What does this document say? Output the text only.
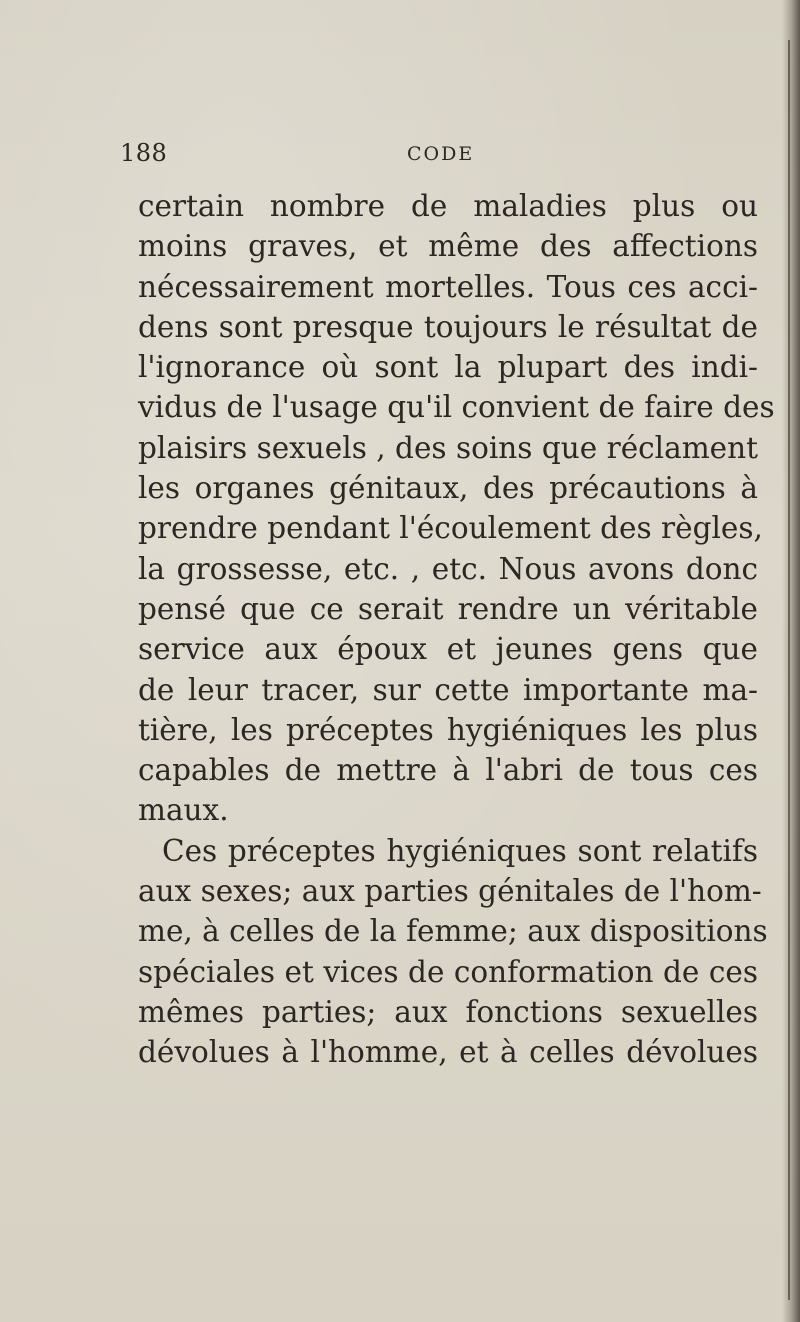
188	CODE
certain nombre de maladies plus ou
moins graves, et même des affections
nécessairement mortelles. Tous ces acci-
dens sont presque toujours le résultat de
l'ignorance où sont la plupart des indi-
vidus de l'usage qu'il convient de faire des
plaisirs sexuels , des soins que réclament
les organes génitaux, des précautions à
prendre pendant l'écoulement des règles,
la grossesse, etc. , etc. Nous avons donc
pensé que ce serait rendre un véritable
service aux époux et jeunes gens que
de leur tracer, sur cette importante ma-
tière, les préceptes hygiéniques les plus
capables de mettre à l'abri de tous ces
maux.
Ces préceptes hygiéniques sont relatifs
aux sexes; aux parties génitales de l'hom-
me, à celles de la femme; aux dispositions
spéciales et vices de conformation de ces
mêmes parties; aux fonctions sexuelles
dévolues à l'homme, et à celles dévolues
